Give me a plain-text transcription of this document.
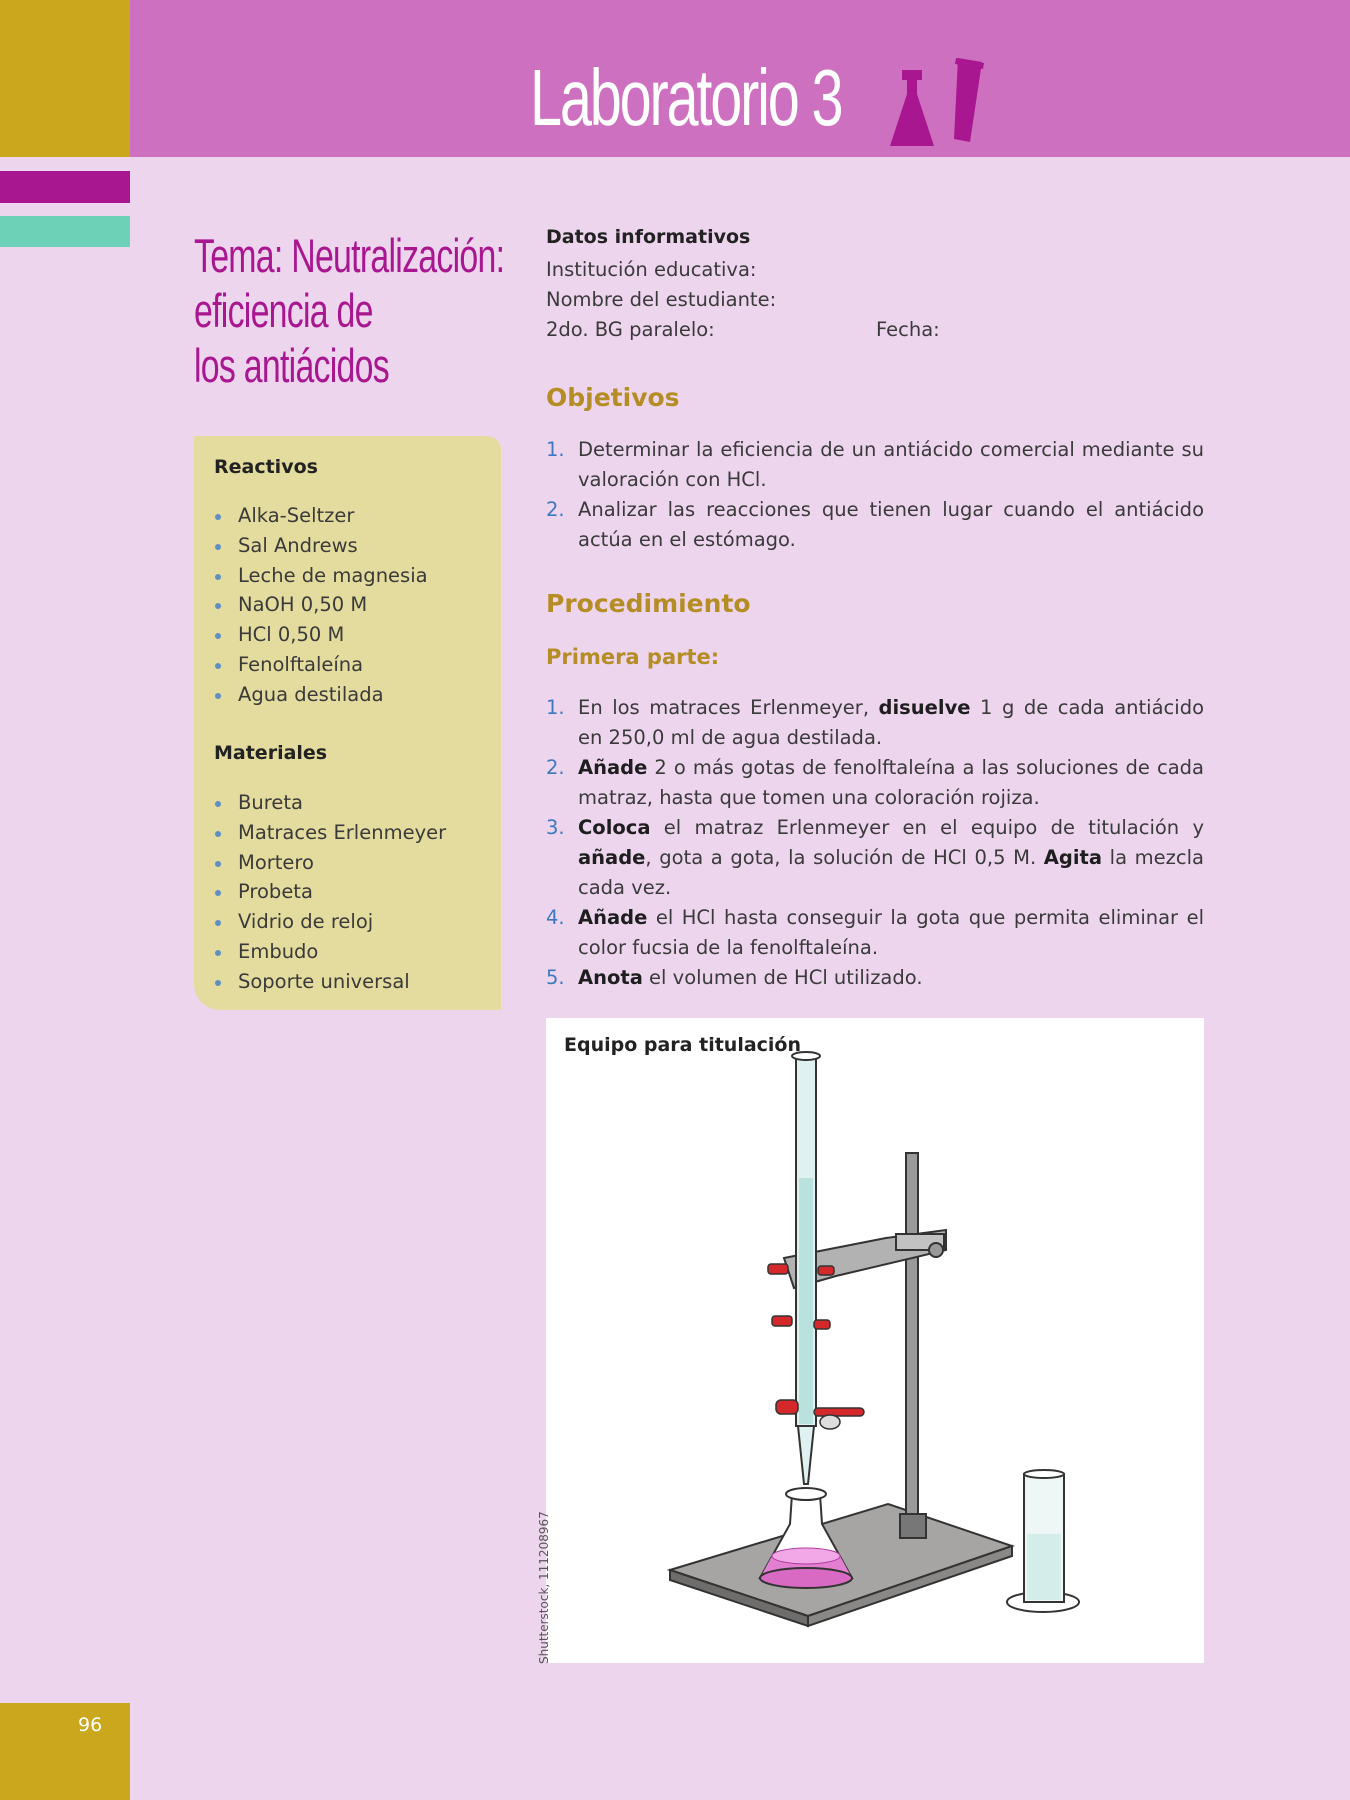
Laboratorio 3
Tema: Neutralización:
eficiencia de
los antiácidos
Reactivos
Alka-Seltzer
Sal Andrews
Leche de magnesia
NaOH 0,50 M
HCl 0,50 M
Fenolftaleína
Agua destilada
Materiales
Bureta
Matraces Erlenmeyer
Mortero
Probeta
Vidrio de reloj
Embudo
Soporte universal
Datos informativos
Institución educativa:
Nombre del estudiante:
2do. BG paralelo:	Fecha:
Objetivos
1. Determinar la eficiencia de un antiácido comercial mediante su valoración con HCl.
2. Analizar las reacciones que tienen lugar cuando el antiácido actúa en el estómago.
Procedimiento
Primera parte:
1. En los matraces Erlenmeyer, disuelve 1 g de cada antiácido en 250,0 ml de agua destilada.
2. Añade 2 o más gotas de fenolftaleína a las soluciones de cada matraz, hasta que tomen una coloración rojiza.
3. Coloca el matraz Erlenmeyer en el equipo de titulación y añade, gota a gota, la solución de HCl 0,5 M. Agita la mezcla cada vez.
4. Añade el HCl hasta conseguir la gota que permita eliminar el color fucsia de la fenolftaleína.
5. Anota el volumen de HCl utilizado.
Equipo para titulación
Shutterstock, 111208967
96
